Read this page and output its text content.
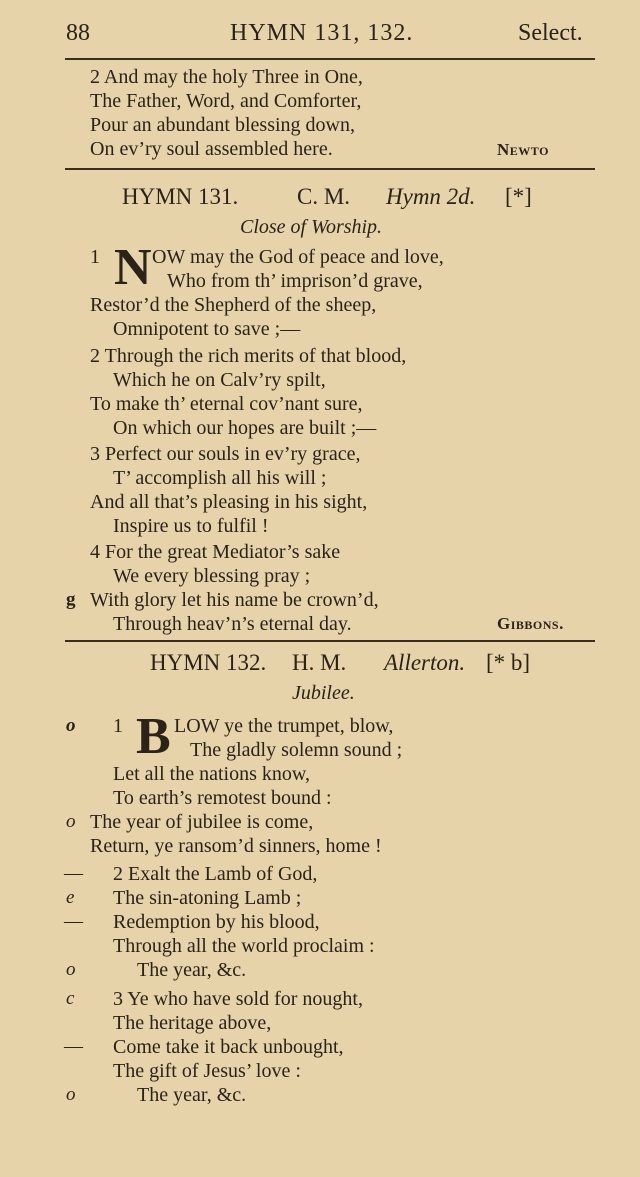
88	HYMN 131, 132.	Select.
2 And may the holy Three in One,
The Father, Word, and Comforter,
Pour an abundant blessing down,
On ev’ry soul assembled here.	Newto
HYMN 131.	C. M. Hymn 2d. [*]
Close of Worship.
1 N OW may the God of peace and love,
Who from th’ imprison’d grave,
Restor’d the Shepherd of the sheep,
Omnipotent to save ;—
2 Through the rich merits of that blood,
Which he on Calv’ry spilt,
To make th’ eternal cov’nant sure,
On which our hopes are built ;—
3 Perfect our souls in ev’ry grace,
T’ accomplish all his will ;
And all that’s pleasing in his sight,
Inspire us to fulfil !
4 For the great Mediator’s sake
We every blessing pray ;
g With glory let his name be crown’d,
Through heav’n’s eternal day.	Gibbons.
HYMN 132. H. M. Allerton. [* b]
Jubilee.
o 1 B LOW ye the trumpet, blow,
The gladly solemn sound ;
Let all the nations know,
To earth’s remotest bound :
o The year of jubilee is come,
Return, ye ransom’d sinners, home !
— 2 Exalt the Lamb of God,
e The sin-atoning Lamb ;
— Redemption by his blood,
Through all the world proclaim :
o	The year, &c.
c 3 Ye who have sold for nought,
The heritage above,
— Come take it back unbought,
The gift of Jesus’ love :
o	The year, &c.
